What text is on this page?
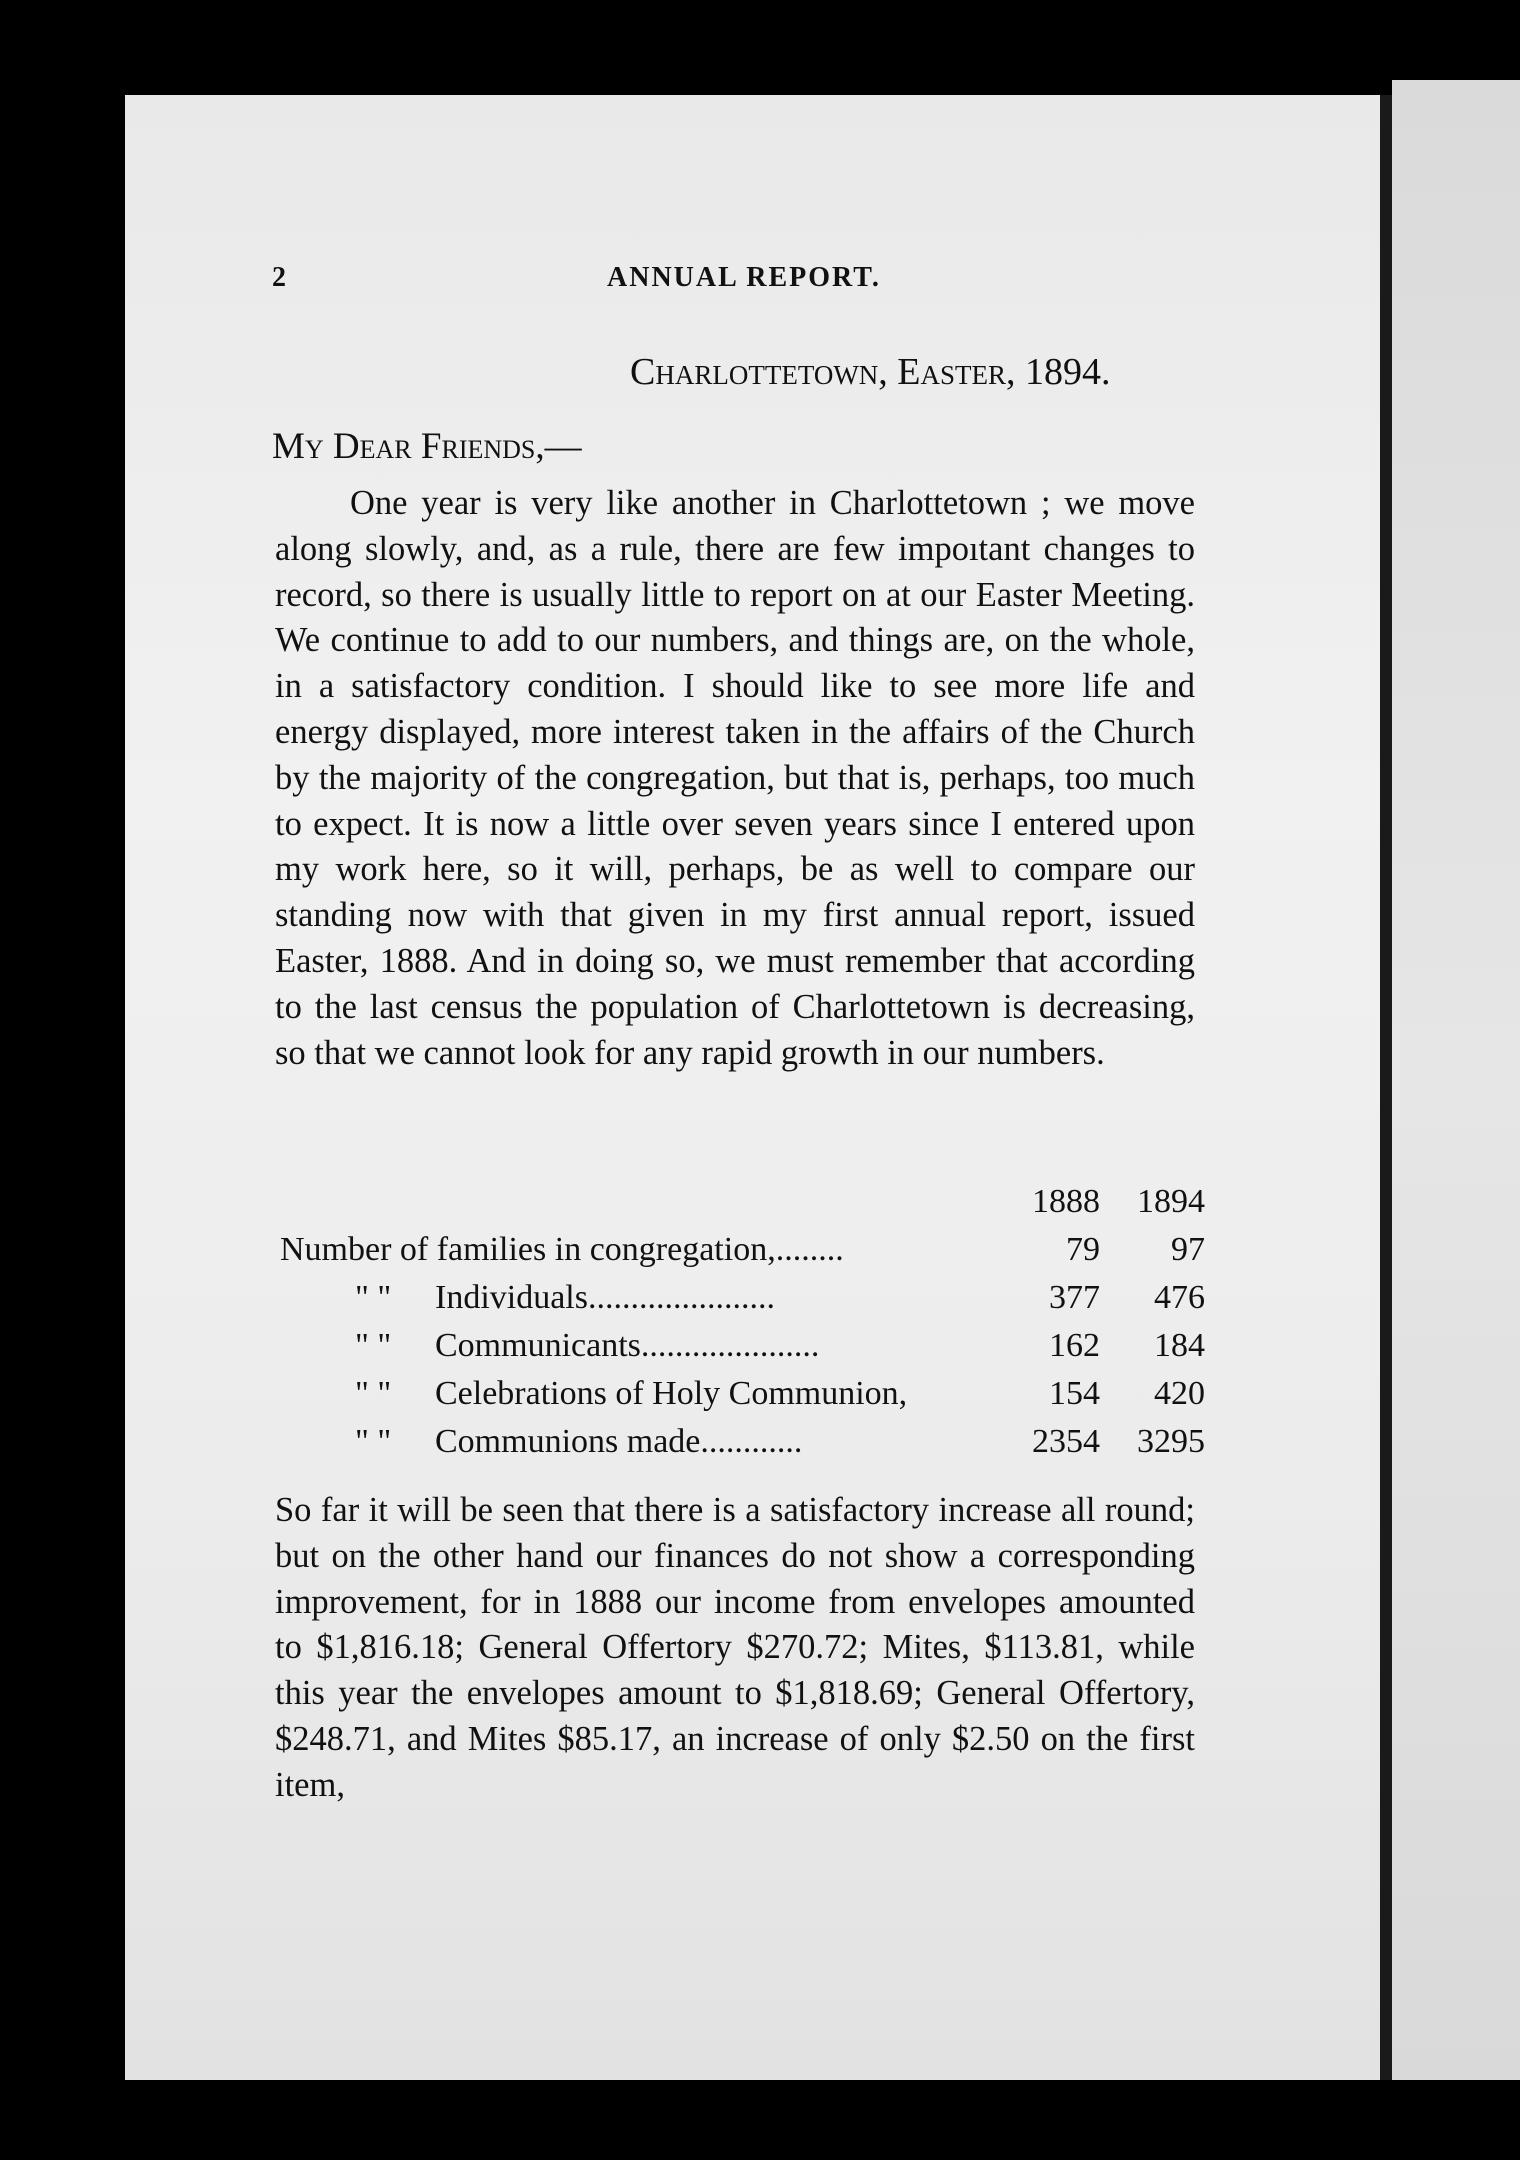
2	ANNUAL REPORT.
Charlottetown, Easter, 1894.
My Dear Friends,—

One year is very like another in Charlottetown ; we move along slowly, and, as a rule, there are few impoıtant changes to record, so there is usually little to report on at our Easter Meeting. We continue to add to our numbers, and things are, on the whole, in a satisfactory condition. I should like to see more life and energy displayed, more interest taken in the affairs of the Church by the majority of the congregation, but that is, perhaps, too much to expect. It is now a little over seven years since I entered upon my work here, so it will, perhaps, be as well to compare our standing now with that given in my first annual report, issued Easter, 1888. And in doing so, we must remember that according to the last census the population of Charlottetown is decreasing, so that we cannot look for any rapid growth in our numbers.

1888	1894
Number of families in congregation,........	79	97
" " Individuals......................	377	476
" " Communicants.....................	162	184
" " Celebrations of Holy Communion,	154	420
" " Communions made............	2354	3295

So far it will be seen that there is a satisfactory increase all round; but on the other hand our finances do not show a corresponding improvement, for in 1888 our income from envelopes amounted to $1,816.18; General Offertory $270.72; Mites, $113.81, while this year the envelopes amount to $1,818.69; General Offertory, $248.71, and Mites $85.17, an increase of only $2.50 on the first item,
